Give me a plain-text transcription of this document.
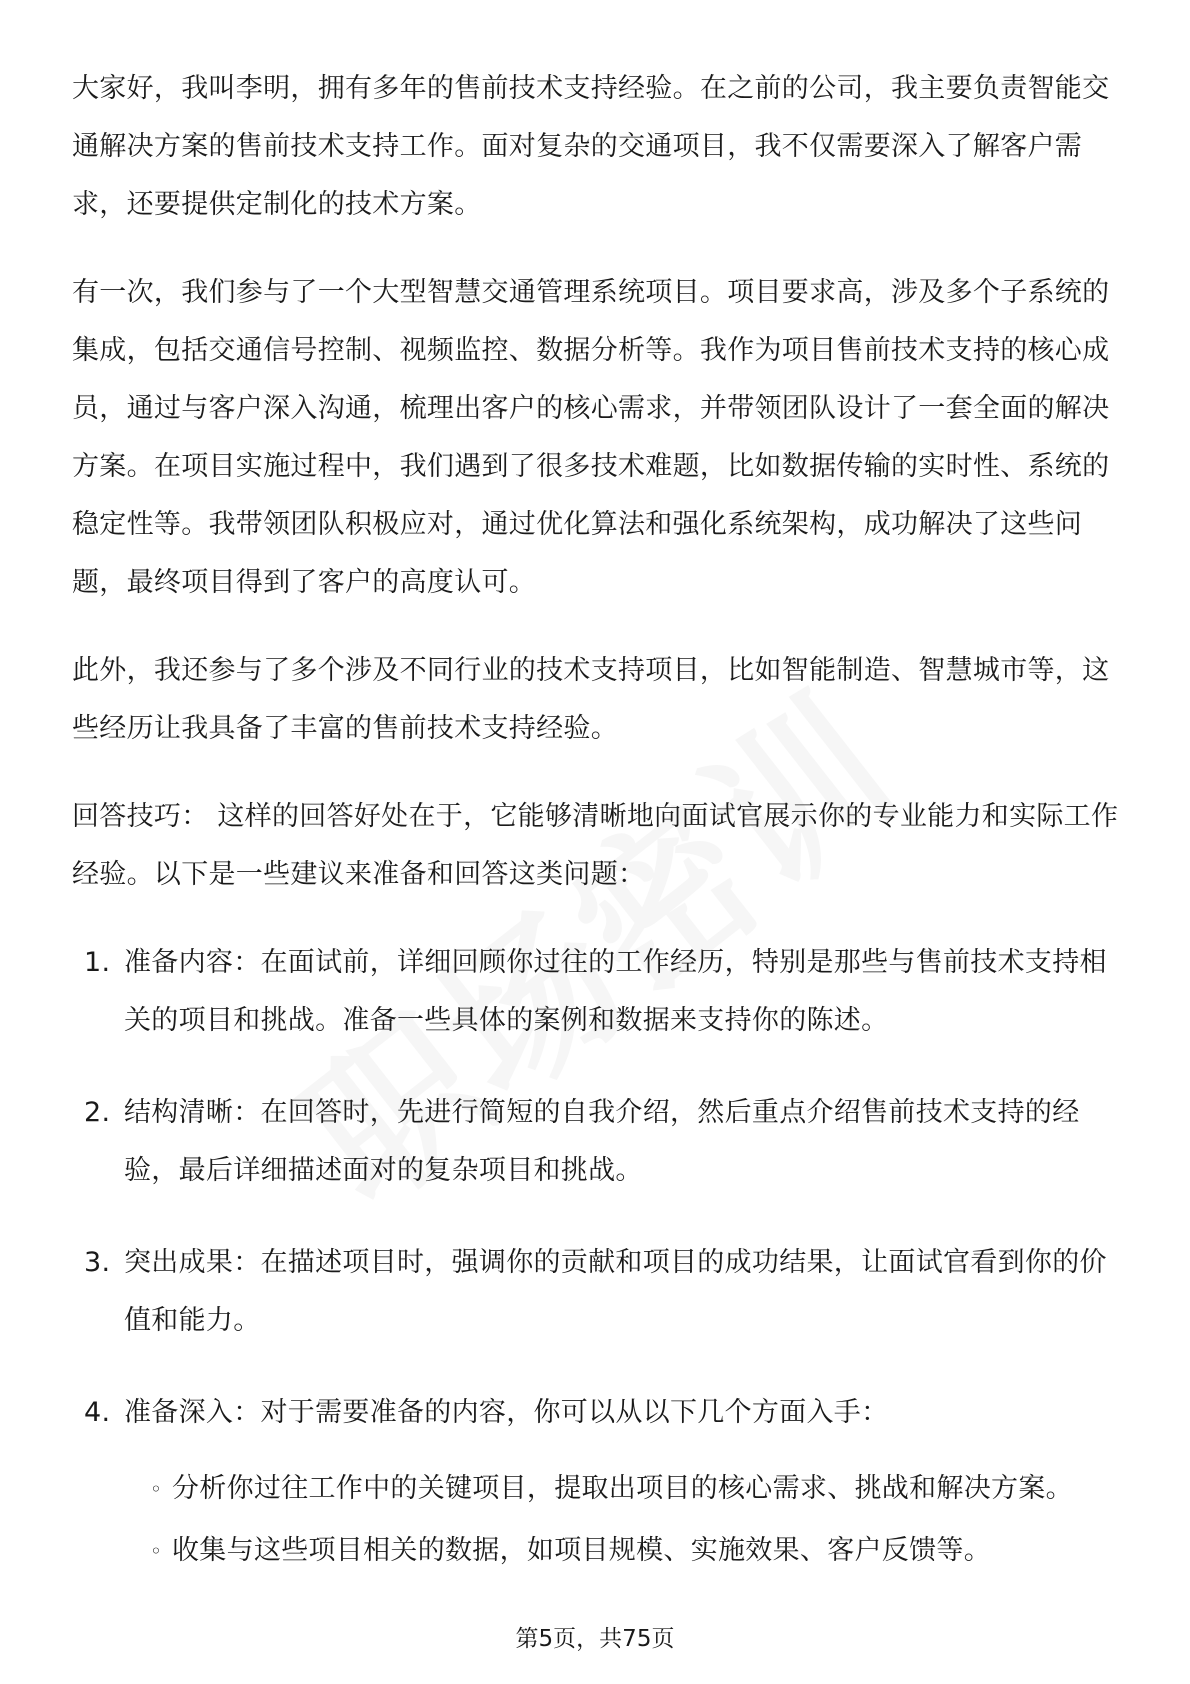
大家好，我叫李明，拥有多年的售前技术支持经验。在之前的公司，我主要负责智能交通解决方案的售前技术支持工作。面对复杂的交通项目，我不仅需要深入了解客户需求，还要提供定制化的技术方案。

有一次，我们参与了一个大型智慧交通管理系统项目。项目要求高，涉及多个子系统的集成，包括交通信号控制、视频监控、数据分析等。我作为项目售前技术支持的核心成员，通过与客户深入沟通，梳理出客户的核心需求，并带领团队设计了一套全面的解决方案。在项目实施过程中，我们遇到了很多技术难题，比如数据传输的实时性、系统的稳定性等。我带领团队积极应对，通过优化算法和强化系统架构，成功解决了这些问题，最终项目得到了客户的高度认可。

此外，我还参与了多个涉及不同行业的技术支持项目，比如智能制造、智慧城市等，这些经历让我具备了丰富的售前技术支持经验。

回答技巧： 这样的回答好处在于，它能够清晰地向面试官展示你的专业能力和实际工作经验。以下是一些建议来准备和回答这类问题：

1. 准备内容：在面试前，详细回顾你过往的工作经历，特别是那些与售前技术支持相关的项目和挑战。准备一些具体的案例和数据来支持你的陈述。
2. 结构清晰：在回答时，先进行简短的自我介绍，然后重点介绍售前技术支持的经验，最后详细描述面对的复杂项目和挑战。
3. 突出成果：在描述项目时，强调你的贡献和项目的成功结果，让面试官看到你的价值和能力。
4. 准备深入：对于需要准备的内容，你可以从以下几个方面入手：
◦ 分析你过往工作中的关键项目，提取出项目的核心需求、挑战和解决方案。
◦ 收集与这些项目相关的数据，如项目规模、实施效果、客户反馈等。
第5页，共75页
